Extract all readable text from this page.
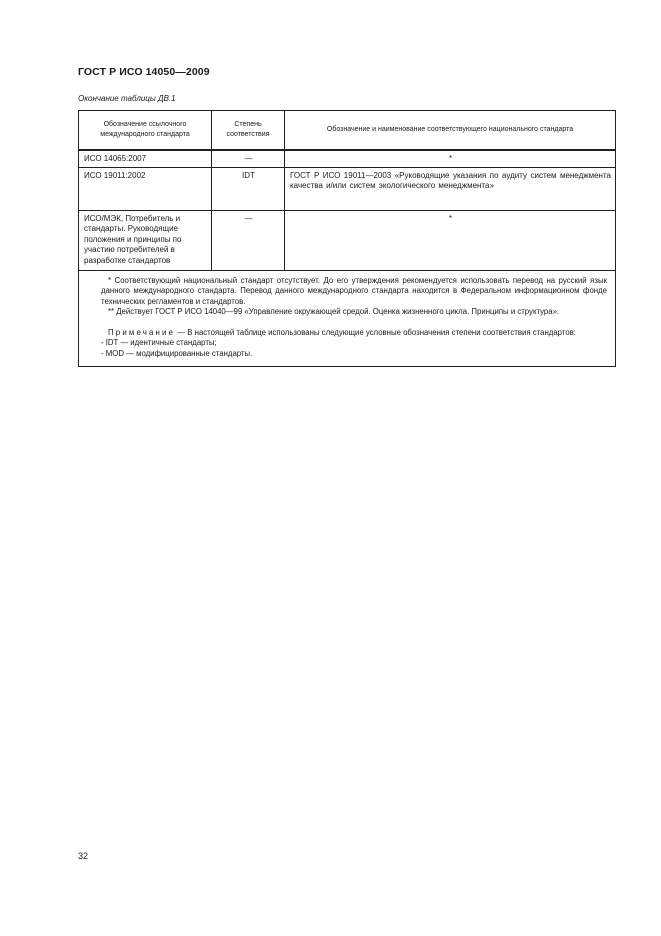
ГОСТ Р ИСО 14050—2009
Окончание таблицы ДВ.1
Обозначение ссылочного международного стандарта	Степень соответствия	Обозначение и наименование соответствующего национального стандарта

ИСО 14065:2007	—	*

ИСО 19011:2002	IDT	ГОСТ Р ИСО 19011—2003 «Руководящие указания по аудиту систем менеджмента качества и/или систем экологического менеджмента»

ИСО/МЭК, Потребитель и стандарты. Руководящие положения и принципы по участию потребителей в разработке стандартов	—	*

* Соответствующий национальный стандарт отсутствует. До его утверждения рекомендуется использовать перевод на русский язык данного международного стандарта. Перевод данного международного стандарта находится в Федеральном информационном фонде технических регламентов и стандартов.

** Действует ГОСТ Р ИСО 14040—99 «Управление окружающей средой. Оценка жизненного цикла. Принципы и структура».

Примечание — В настоящей таблице использованы следующие условные обозначения степени соответствия стандартов:

- IDT — идентичные стандарты;

- MOD — модифицированные стандарты.		

32
